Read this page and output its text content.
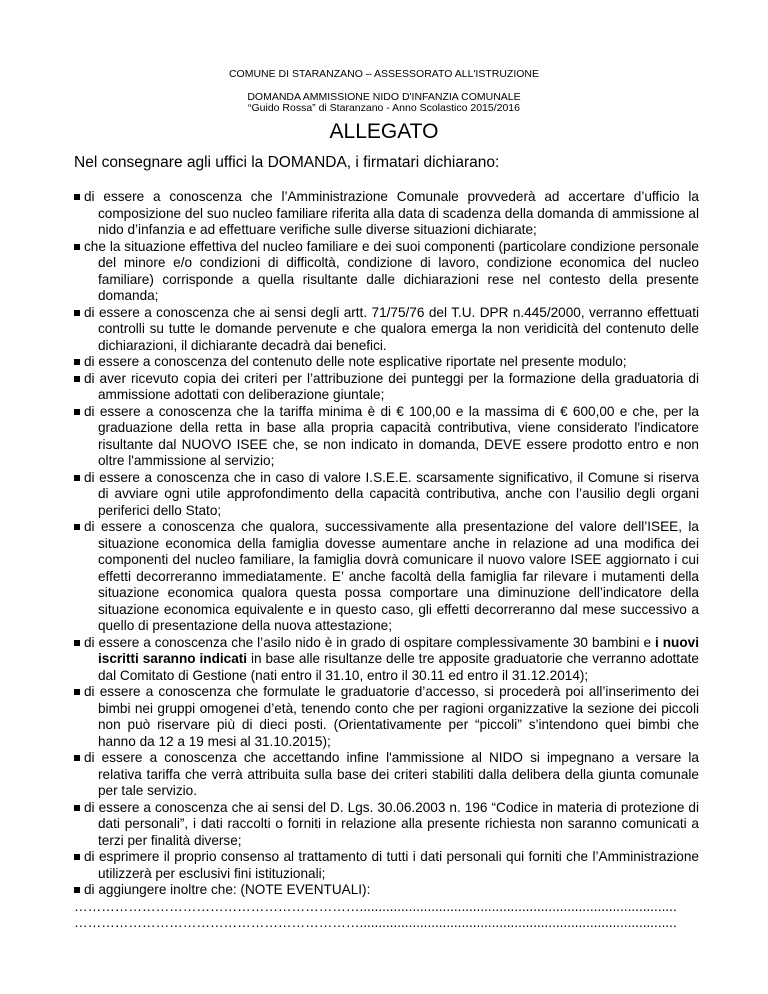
COMUNE DI STARANZANO – ASSESSORATO ALL'ISTRUZIONE
DOMANDA AMMISSIONE NIDO D'INFANZIA COMUNALE
“Guido Rossa” di Staranzano - Anno Scolastico 2015/2016
ALLEGATO
Nel consegnare agli uffici la DOMANDA, i firmatari dichiarano:
di essere a conoscenza che l’Amministrazione Comunale provvederà ad accertare d’ufficio la composizione del suo nucleo familiare riferita alla data di scadenza della domanda di ammissione al nido d’infanzia e ad effettuare verifiche sulle diverse situazioni dichiarate;
che la situazione effettiva del nucleo familiare e dei suoi componenti (particolare condizione personale del minore e/o condizioni di difficoltà, condizione di lavoro, condizione economica del nucleo familiare) corrisponde a quella risultante dalle dichiarazioni rese nel contesto della presente domanda;
di essere a conoscenza che ai sensi degli artt. 71/75/76 del T.U. DPR n.445/2000, verranno effettuati controlli su tutte le domande pervenute e che qualora emerga la non veridicità del contenuto delle dichiarazioni, il dichiarante decadrà dai benefici.
di essere a conoscenza del contenuto delle note esplicative riportate nel presente modulo;
di aver ricevuto copia dei criteri per l’attribuzione dei punteggi per la formazione della graduatoria di ammissione adottati con deliberazione giuntale;
di essere a conoscenza che la tariffa minima è di € 100,00 e la massima di € 600,00 e che, per la graduazione della retta in base alla propria capacità contributiva, viene considerato l'indicatore risultante dal NUOVO ISEE che, se non indicato in domanda, DEVE essere prodotto entro e non oltre l'ammissione al servizio;
di essere a conoscenza che in caso di valore I.S.E.E. scarsamente significativo, il Comune si riserva di avviare ogni utile approfondimento della capacità contributiva, anche con l’ausilio degli organi periferici dello Stato;
di essere a conoscenza che qualora, successivamente alla presentazione del valore dell’ISEE, la situazione economica della famiglia dovesse aumentare anche in relazione ad una modifica dei componenti del nucleo familiare, la famiglia dovrà comunicare il nuovo valore ISEE aggiornato i cui effetti decorreranno immediatamente. E’ anche facoltà della famiglia far rilevare i mutamenti della situazione economica qualora questa possa comportare una diminuzione dell’indicatore della situazione economica equivalente e in questo caso, gli effetti decorreranno dal mese successivo a quello di presentazione della nuova attestazione;
di essere a conoscenza che l’asilo nido è in grado di ospitare complessivamente 30 bambini e i nuovi iscritti saranno indicati in base alle risultanze delle tre apposite graduatorie che verranno adottate dal Comitato di Gestione (nati entro il 31.10, entro il 30.11 ed entro il 31.12.2014);
di essere a conoscenza che formulate le graduatorie d’accesso, si procederà poi all’inserimento dei bimbi nei gruppi omogenei d’età, tenendo conto che per ragioni organizzative la sezione dei piccoli non può riservare più di dieci posti. (Orientativamente per “piccoli” s’intendono quei bimbi che hanno da 12 a 19 mesi al 31.10.2015);
di essere a conoscenza che accettando infine l'ammissione al NIDO si impegnano a versare la relativa tariffa che verrà attribuita sulla base dei criteri stabiliti dalla delibera della giunta comunale per tale servizio.
di essere a conoscenza che ai sensi del D. Lgs. 30.06.2003 n. 196 “Codice in materia di protezione di dati personali”, i dati raccolti o forniti in relazione alla presente richiesta non saranno comunicati a terzi per finalità diverse;
di esprimere il proprio consenso al trattamento di tutti i dati personali qui forniti che l’Amministrazione utilizzerà per esclusivi fini istituzionali;
di aggiungere inoltre che: (NOTE EVENTUALI):
………………………………………………………....................................................................................
………………………………………………………....................................................................................
